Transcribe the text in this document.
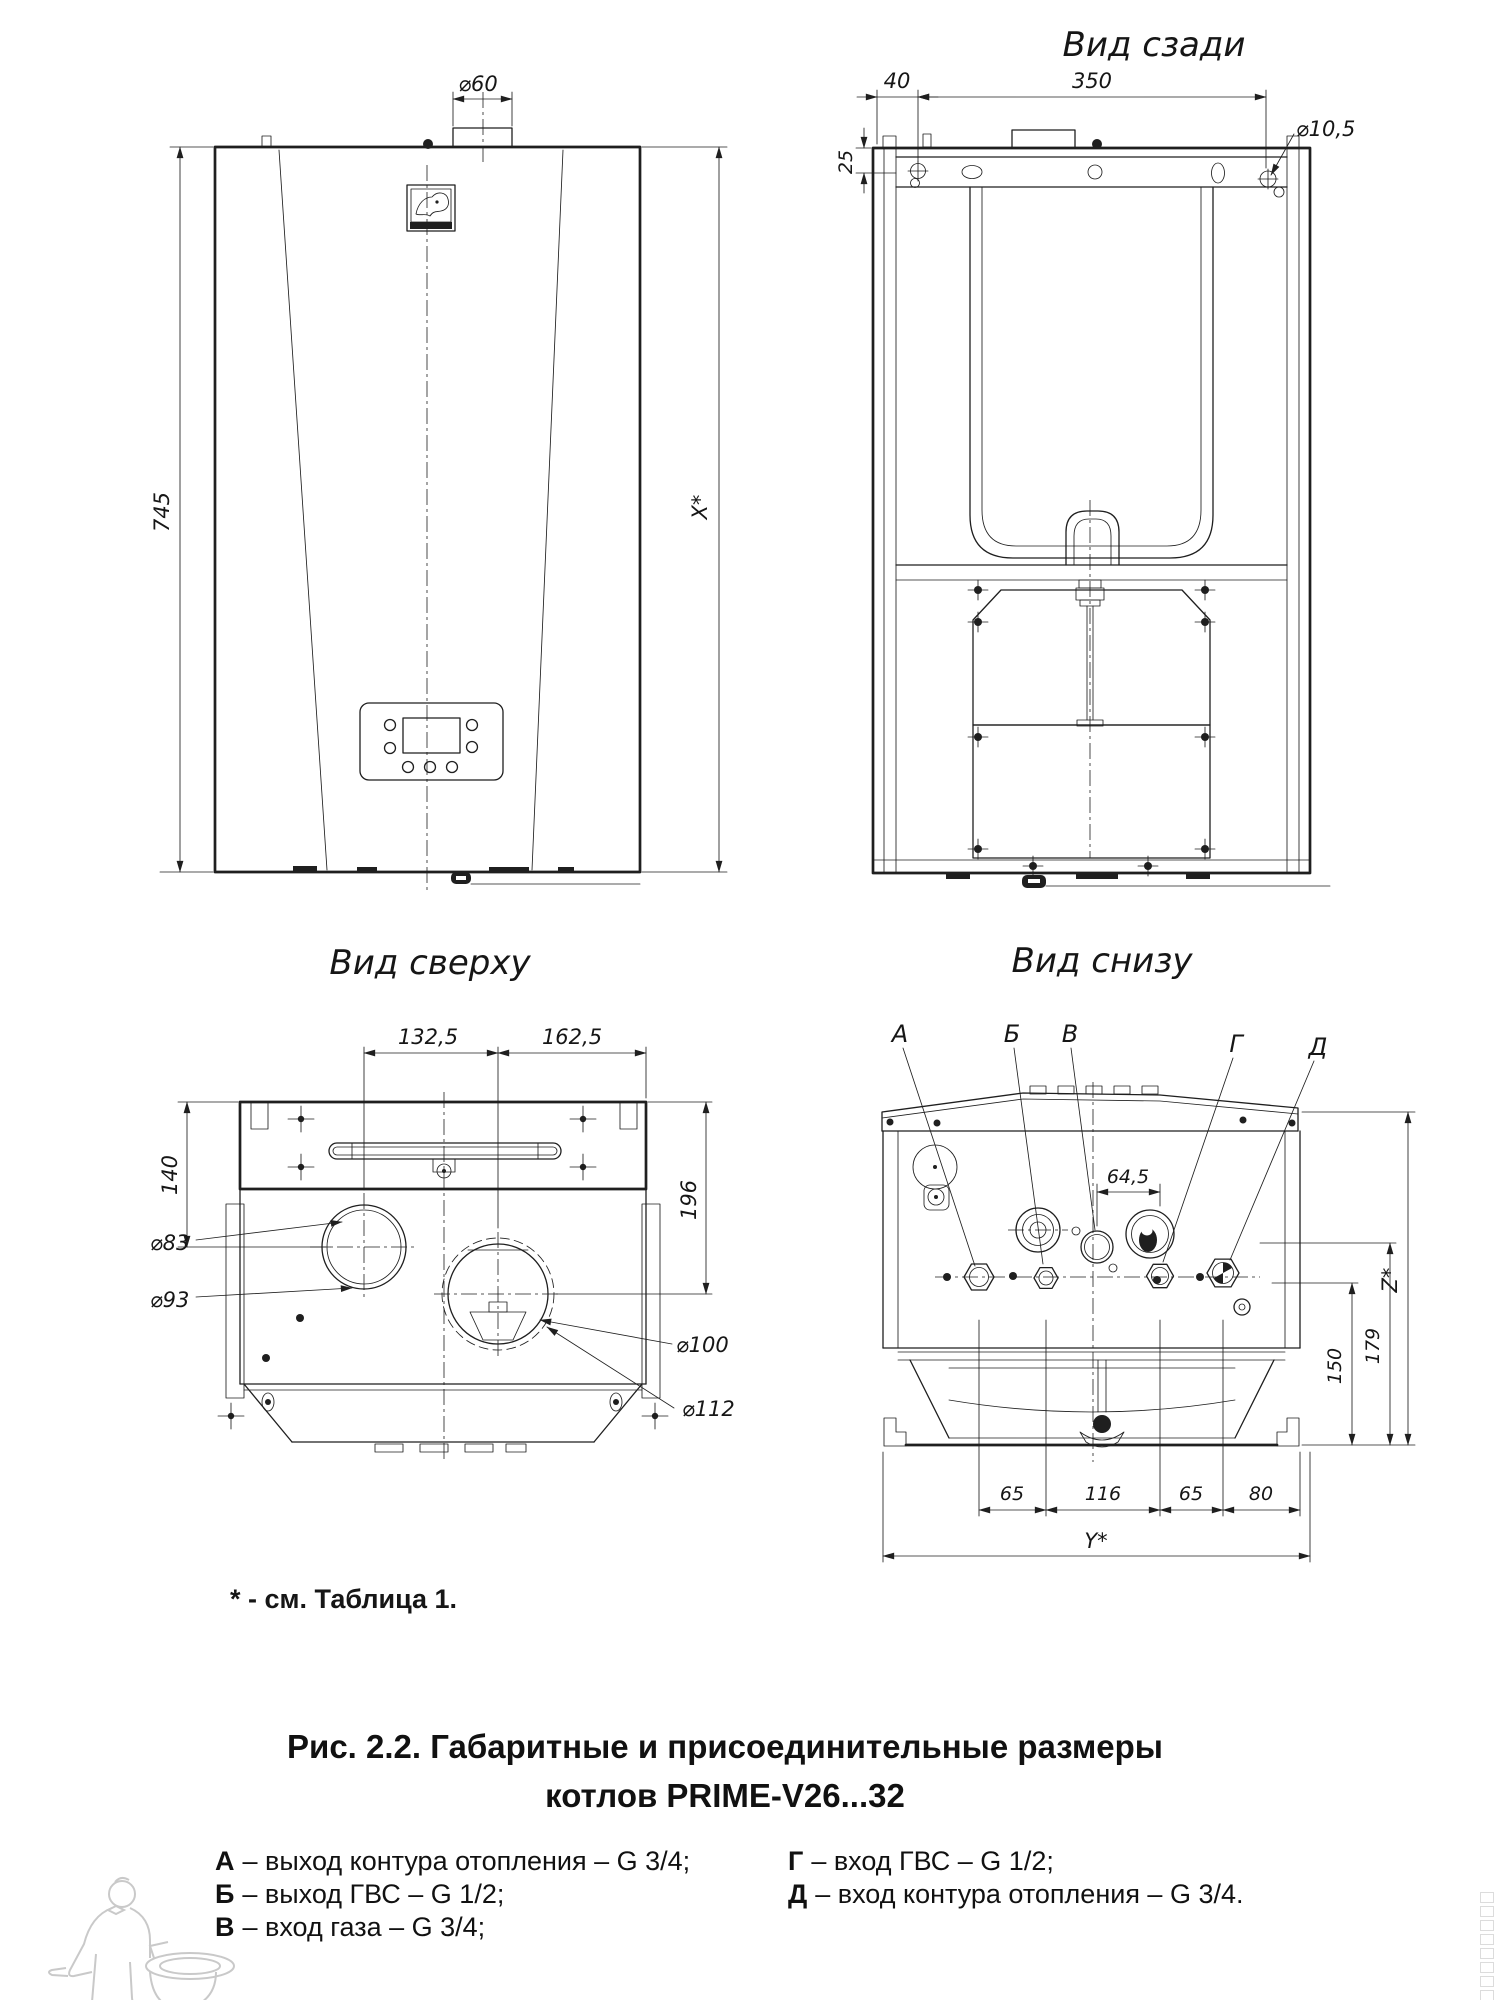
745	X*
⌀60
Вид сзади
40	350
25
⌀10,5
Вид сверху
132,5	162,5
140
196
⌀83
⌀93
⌀100
⌀112
Вид снизу
А	Б В	Г	Д
64,5
Z*
150
179
65	116	65 80
Y*
* - см. Таблица 1.
Рис. 2.2. Габаритные и присоединительные размеры
котлов PRIME-V26...32
А – выход контура отопления – G 3/4;
Б – выход ГВС – G 1/2;
В – вход газа – G 3/4;
Г – вход ГВС – G 1/2;
Д – вход контура отопления – G 3/4.
